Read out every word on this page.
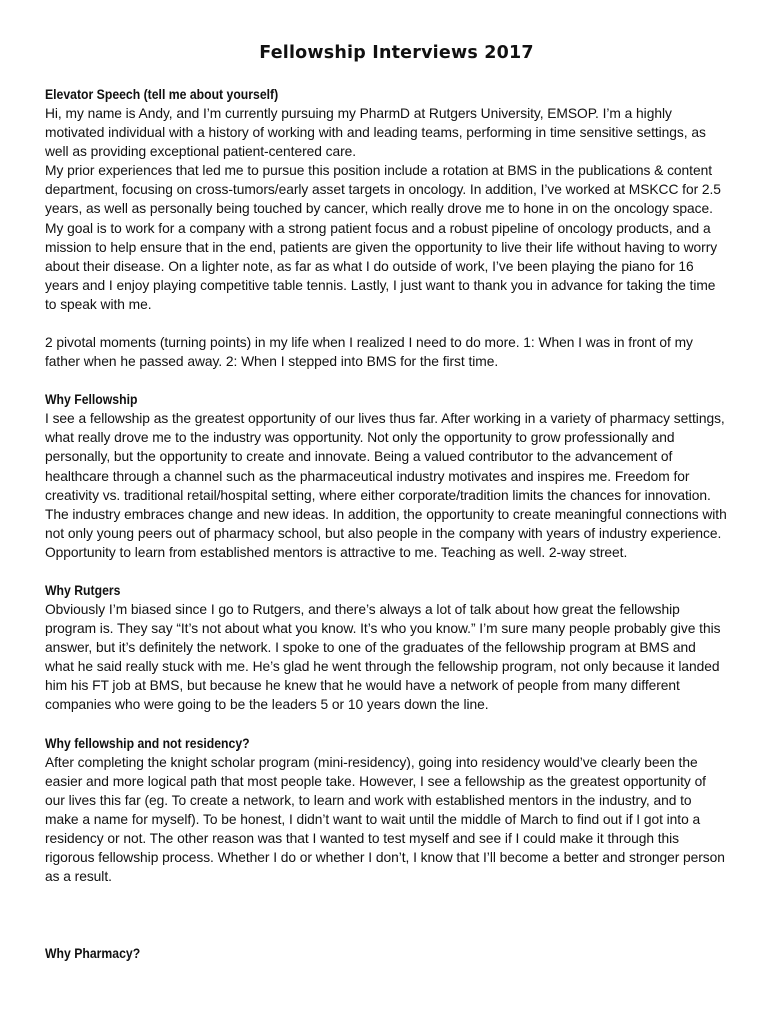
Fellowship Interviews 2017
Elevator Speech (tell me about yourself)

Hi, my name is Andy, and I’m currently pursuing my PharmD at Rutgers University, EMSOP. I’m a highly motivated individual with a history of working with and leading teams, performing in time sensitive settings, as well as providing exceptional patient-centered care.

My prior experiences that led me to pursue this position include a rotation at BMS in the publications & content department, focusing on cross-tumors/early asset targets in oncology. In addition, I’ve worked at MSKCC for 2.5 years, as well as personally being touched by cancer, which really drove me to hone in on the oncology space. My goal is to work for a company with a strong patient focus and a robust pipeline of oncology products, and a mission to help ensure that in the end, patients are given the opportunity to live their life without having to worry about their disease. On a lighter note, as far as what I do outside of work, I’ve been playing the piano for 16 years and I enjoy playing competitive table tennis. Lastly, I just want to thank you in advance for taking the time to speak with me.

2 pivotal moments (turning points) in my life when I realized I need to do more. 1: When I was in front of my father when he passed away. 2: When I stepped into BMS for the first time.

Why Fellowship

I see a fellowship as the greatest opportunity of our lives thus far. After working in a variety of pharmacy settings, what really drove me to the industry was opportunity. Not only the opportunity to grow professionally and personally, but the opportunity to create and innovate. Being a valued contributor to the advancement of healthcare through a channel such as the pharmaceutical industry motivates and inspires me. Freedom for creativity vs. traditional retail/hospital setting, where either corporate/tradition limits the chances for innovation. The industry embraces change and new ideas. In addition, the opportunity to create meaningful connections with not only young peers out of pharmacy school, but also people in the company with years of industry experience. Opportunity to learn from established mentors is attractive to me. Teaching as well. 2-way street.

Why Rutgers

Obviously I’m biased since I go to Rutgers, and there’s always a lot of talk about how great the fellowship program is. They say “It’s not about what you know. It’s who you know.” I’m sure many people probably give this answer, but it’s definitely the network. I spoke to one of the graduates of the fellowship program at BMS and what he said really stuck with me. He’s glad he went through the fellowship program, not only because it landed him his FT job at BMS, but because he knew that he would have a network of people from many different companies who were going to be the leaders 5 or 10 years down the line.

Why fellowship and not residency?

After completing the knight scholar program (mini-residency), going into residency would’ve clearly been the easier and more logical path that most people take. However, I see a fellowship as the greatest opportunity of our lives this far (eg. To create a network, to learn and work with established mentors in the industry, and to make a name for myself). To be honest, I didn’t want to wait until the middle of March to find out if I got into a residency or not. The other reason was that I wanted to test myself and see if I could make it through this rigorous fellowship process. Whether I do or whether I don’t, I know that I’ll become a better and stronger person as a result.

Why Pharmacy?
